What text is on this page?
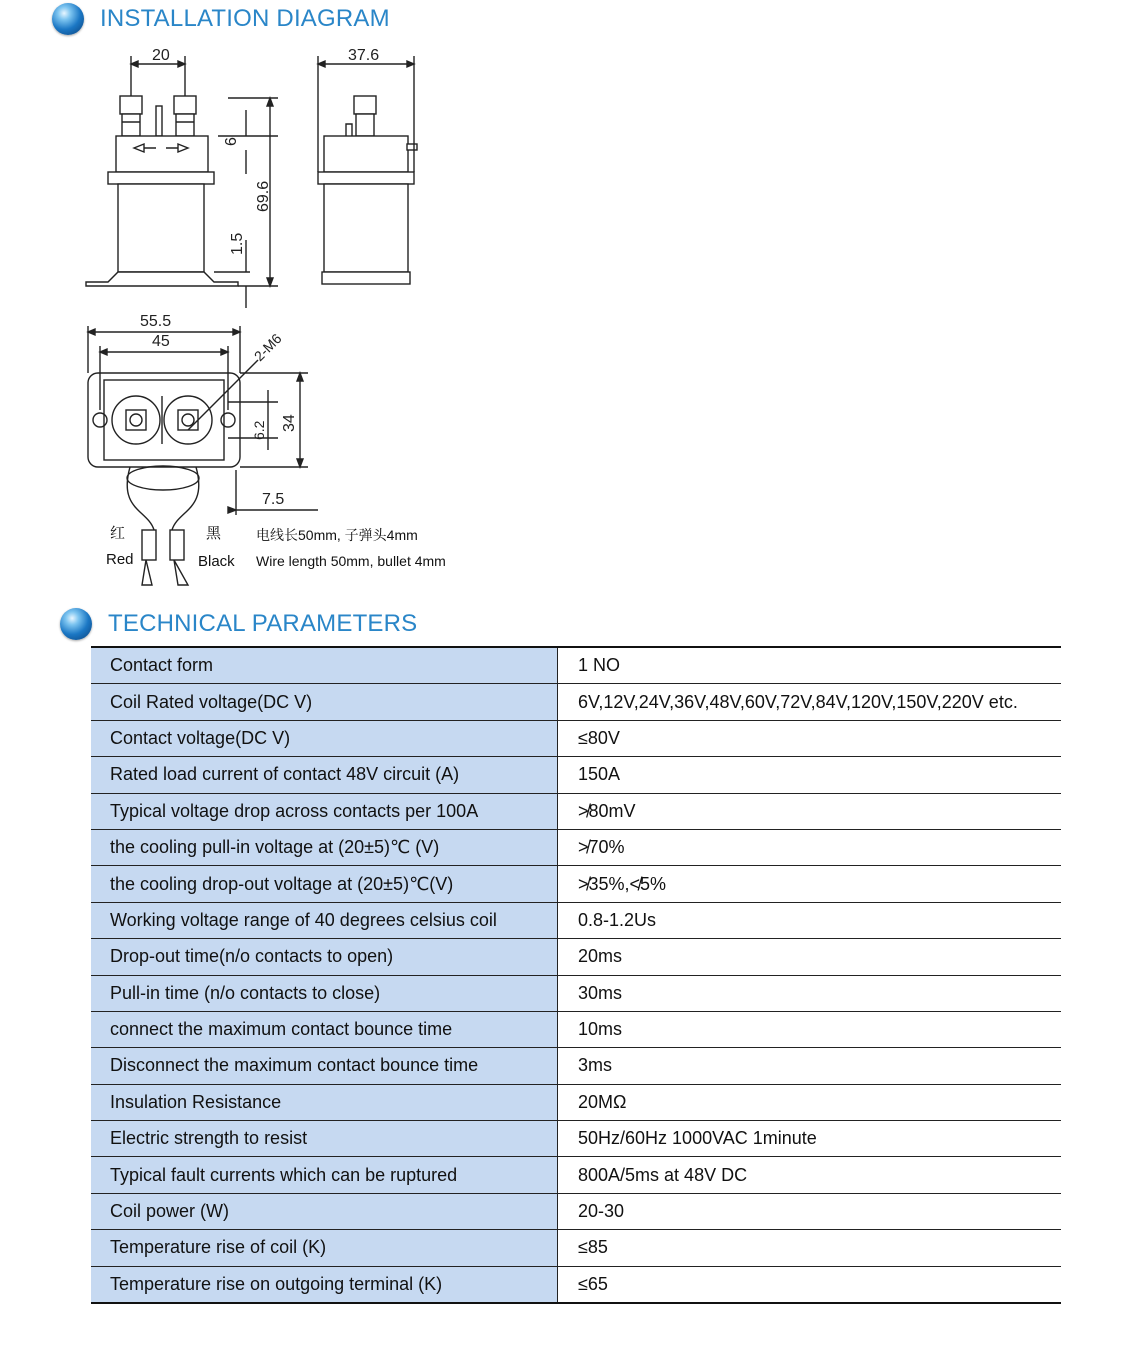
INSTALLATION DIAGRAM
20	37.6
6
69.6
1.5
55.5
45	2-M6
6.2 34
7.5
红
Red
黑
Black
电线长50mm, 子弹头4mm
Wire length 50mm, bullet 4mm
TECHNICAL PARAMETERS
Contact form	1 NO
Coil Rated voltage(DC V)	6V,12V,24V,36V,48V,60V,72V,84V,120V,150V,220V etc.
Contact voltage(DC V)	≤80V
Rated load current of contact 48V circuit (A)	150A
Typical voltage drop across contacts per 100A	≯80mV
the cooling pull-in voltage at (20±5)℃ (V)	≯70%
the cooling drop-out voltage at (20±5)℃(V)	≯35%,≮5%
Working voltage range of 40 degrees celsius coil	0.8-1.2Us
Drop-out time(n/o contacts to open)	20ms
Pull-in time (n/o contacts to close)	30ms
connect the maximum contact bounce time	10ms
Disconnect the maximum contact bounce time	3ms
Insulation Resistance	20MΩ
Electric strength to resist	50Hz/60Hz 1000VAC 1minute
Typical fault currents which can be ruptured	800A/5ms at 48V DC
Coil power (W)	20-30
Temperature rise of coil (K)	≤85
Temperature rise on outgoing terminal (K)	≤65
